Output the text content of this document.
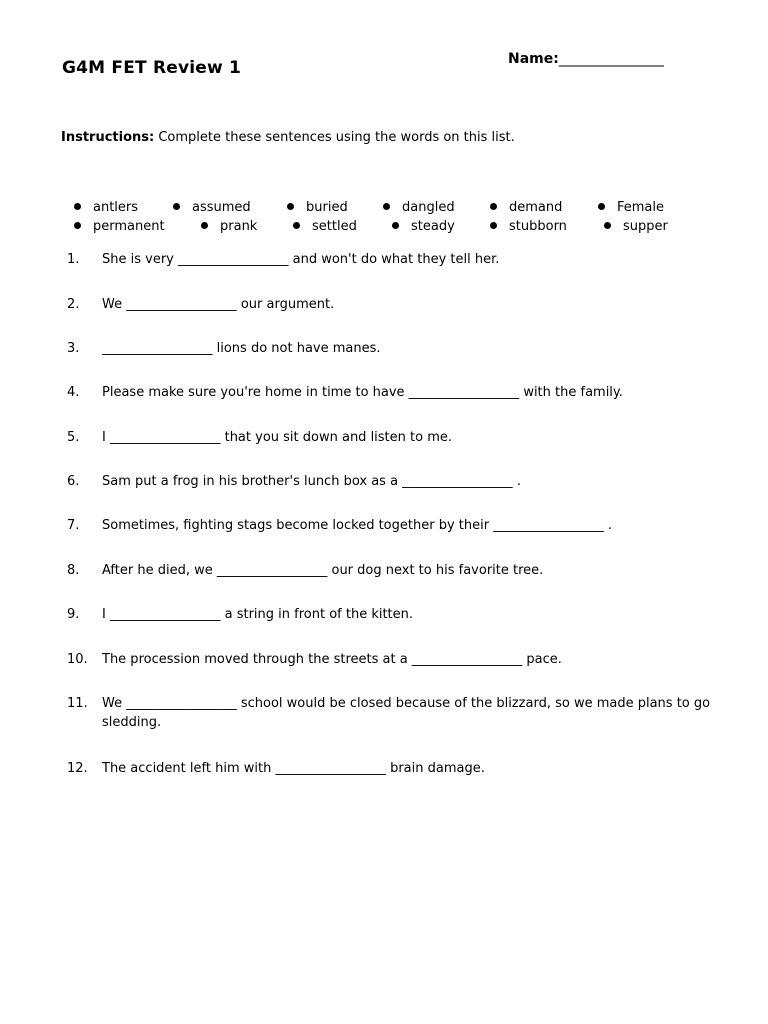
G4M FET Review 1	Name:_______________
Instructions: Complete these sentences using the words on this list.
antlers	assumed	buried	dangled	demand	Female
permanent	prank	settled	steady	stubborn	supper
1. She is very _________________ and won't do what they tell her.
2. We _________________ our argument.
3. _________________ lions do not have manes.
4. Please make sure you're home in time to have _________________ with the family.
5. I _________________ that you sit down and listen to me.
6. Sam put a frog in his brother's lunch box as a _________________ .
7. Sometimes, fighting stags become locked together by their _________________ .
8. After he died, we _________________ our dog next to his favorite tree.
9. I _________________ a string in front of the kitten.
10. The procession moved through the streets at a _________________ pace.
11. We _________________ school would be closed because of the blizzard, so we made plans to go sledding.
12. The accident left him with _________________ brain damage.
